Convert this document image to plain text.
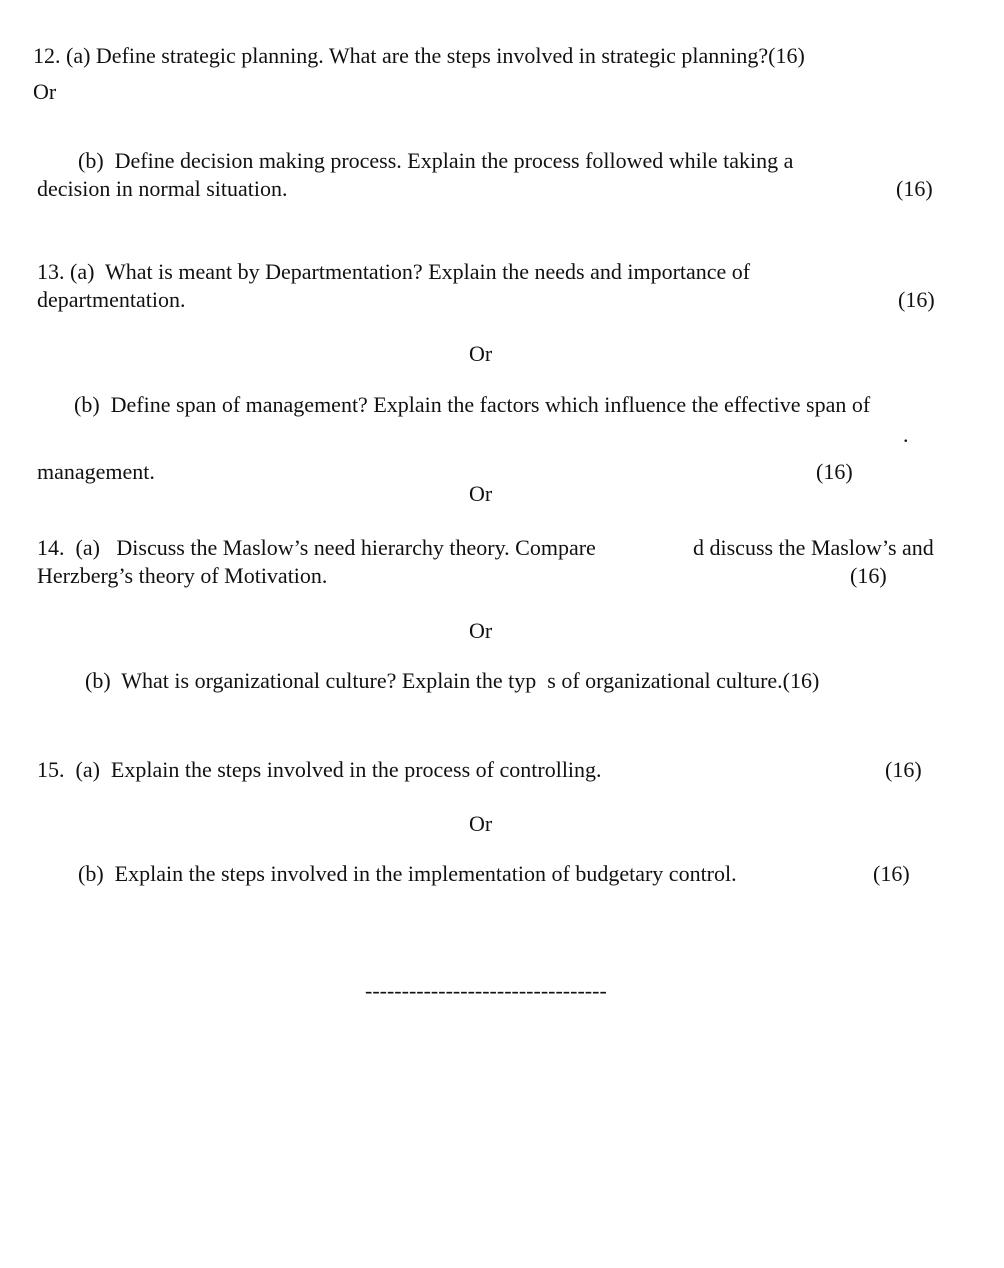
12. (a) Define strategic planning. What are the steps involved in strategic planning?(16)
Or
(b)  Define decision making process. Explain the process followed while taking a
decision in normal situation.	(16)
13. (a)  What is meant by Departmentation? Explain the needs and importance of
departmentation.	(16)
Or
(b)  Define span of management? Explain the factors which influence the effective span of
.
management.	(16)
Or
14.  (a)   Discuss the Maslow’s need hierarchy theory. Compare	d discuss the Maslow’s and
Herzberg’s theory of Motivation.	(16)
Or
(b)  What is organizational culture? Explain the typ  s of organizational culture.(16)
15.  (a)  Explain the steps involved in the process of controlling.	(16)
Or
(b)  Explain the steps involved in the implementation of budgetary control.	(16)
---------------------------------
